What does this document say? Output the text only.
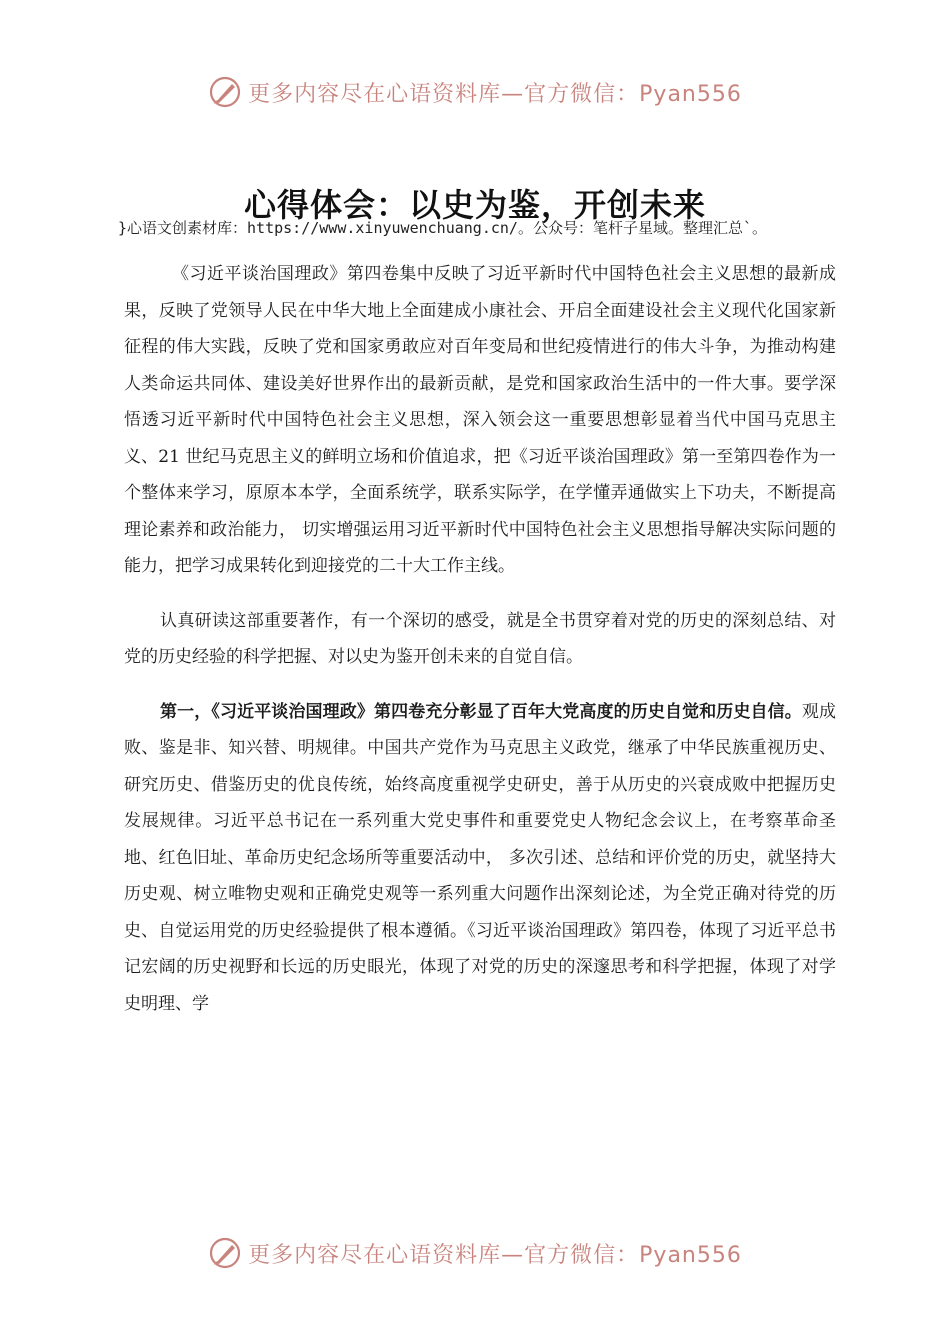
更多内容尽在心语资料库—官方微信：Pyan556
心得体会：以史为鉴，开创未来
}心语文创素材库：https://www.xinyuwenchuang.cn/。公众号：笔杆子星域。整理汇总`。

《习近平谈治国理政》第四卷集中反映了习近平新时代中国特色社会主义思想的最新成果，反映了党领导人民在中华大地上全面建成小康社会、开启全面建设社会主义现代化国家新征程的伟大实践，反映了党和国家勇敢应对百年变局和世纪疫情进行的伟大斗争，为推动构建人类命运共同体、建设美好世界作出的最新贡献，是党和国家政治生活中的一件大事。要学深悟透习近平新时代中国特色社会主义思想，深入领会这一重要思想彰显着当代中国马克思主义、21 世纪马克思主义的鲜明立场和价值追求，把《习近平谈治国理政》第一至第四卷作为一个整体来学习，原原本本学，全面系统学，联系实际学，在学懂弄通做实上下功夫，不断提高理论素养和政治能力， 切实增强运用习近平新时代中国特色社会主义思想指导解决实际问题的能力，把学习成果转化到迎接党的二十大工作主线。

认真研读这部重要著作，有一个深切的感受，就是全书贯穿着对党的历史的深刻总结、对党的历史经验的科学把握、对以史为鉴开创未来的自觉自信。

第一，《习近平谈治国理政》第四卷充分彰显了百年大党高度的历史自觉和历史自信。观成败、鉴是非、知兴替、明规律。中国共产党作为马克思主义政党，继承了中华民族重视历史、研究历史、借鉴历史的优良传统，始终高度重视学史研史，善于从历史的兴衰成败中把握历史发展规律。习近平总书记在一系列重大党史事件和重要党史人物纪念会议上，在考察革命圣地、红色旧址、革命历史纪念场所等重要活动中， 多次引述、总结和评价党的历史，就坚持大历史观、树立唯物史观和正确党史观等一系列重大问题作出深刻论述，为全党正确对待党的历史、自觉运用党的历史经验提供了根本遵循。《习近平谈治国理政》第四卷，体现了习近平总书记宏阔的历史视野和长远的历史眼光，体现了对党的历史的深邃思考和科学把握，体现了对学史明理、学

更多内容尽在心语资料库—官方微信：Pyan556
